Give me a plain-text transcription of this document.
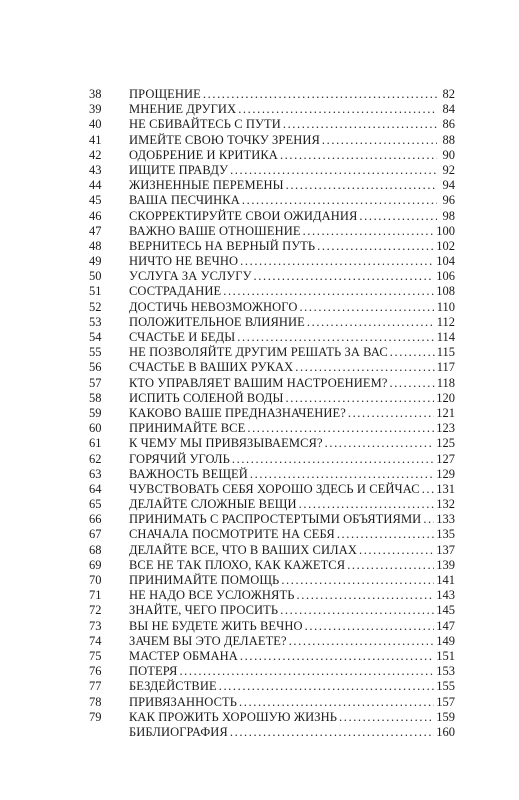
38	ПРОЩЕНИЕ .....	82
39	МНЕНИЕ ДРУГИХ .....	84
40	НЕ СБИВАЙТЕСЬ С ПУТИ .....	86
41	ИМЕЙТЕ СВОЮ ТОЧКУ ЗРЕНИЯ .....	88
42	ОДОБРЕНИЕ И КРИТИКА .....	90
43	ИЩИТЕ ПРАВДУ .....	92
44	ЖИЗНЕННЫЕ ПЕРЕМЕНЫ .....	94
45	ВАША ПЕСЧИНКА .....	96
46	СКОРРЕКТИРУЙТЕ СВОИ ОЖИДАНИЯ .....	98
47	ВАЖНО ВАШЕ ОТНОШЕНИЕ .....	100
48	ВЕРНИТЕСЬ НА ВЕРНЫЙ ПУТЬ .....	102
49	НИЧТО НЕ ВЕЧНО .....	104
50	УСЛУГА ЗА УСЛУГУ .....	106
51	СОСТРАДАНИЕ .....	108
52	ДОСТИЧЬ НЕВОЗМОЖНОГО .....	110
53	ПОЛОЖИТЕЛЬНОЕ ВЛИЯНИЕ .....	112
54	СЧАСТЬЕ И БЕДЫ .....	114
55	НЕ ПОЗВОЛЯЙТЕ ДРУГИМ РЕШАТЬ ЗА ВАС .....	115
56	СЧАСТЬЕ В ВАШИХ РУКАХ .....	117
57	КТО УПРАВЛЯЕТ ВАШИМ НАСТРОЕНИЕМ? .....	118
58	ИСПИТЬ СОЛЕНОЙ ВОДЫ .....	120
59	КАКОВО ВАШЕ ПРЕДНАЗНАЧЕНИЕ? .....	121
60	ПРИНИМАЙТЕ ВСЕ .....	123
61	К ЧЕМУ МЫ ПРИВЯЗЫВАЕМСЯ? .....	125
62	ГОРЯЧИЙ УГОЛЬ .....	127
63	ВАЖНОСТЬ ВЕЩЕЙ .....	129
64	ЧУВСТВОВАТЬ СЕБЯ ХОРОШО ЗДЕСЬ И СЕЙЧАС ..... 131
65	ДЕЛАЙТЕ СЛОЖНЫЕ ВЕЩИ .....	132
66	ПРИНИМАТЬ С РАСПРОСТЕРТЫМИ ОБЪЯТИЯМИ ..... 133
67	СНАЧАЛА ПОСМОТРИТЕ НА СЕБЯ .....	135
68	ДЕЛАЙТЕ ВСЕ, ЧТО В ВАШИХ СИЛАХ .....	137
69	ВСЕ НЕ ТАК ПЛОХО, КАК КАЖЕТСЯ .....	139
70	ПРИНИМАЙТЕ ПОМОЩЬ .....	141
71	НЕ НАДО ВСЕ УСЛОЖНЯТЬ .....	143
72	ЗНАЙТЕ, ЧЕГО ПРОСИТЬ .....	145
73	ВЫ НЕ БУДЕТЕ ЖИТЬ ВЕЧНО .....	147
74	ЗАЧЕМ ВЫ ЭТО ДЕЛАЕТЕ? .....	149
75	МАСТЕР ОБМАНА .....	151
76	ПОТЕРЯ .....	153
77	БЕЗДЕЙСТВИЕ .....	155
78	ПРИВЯЗАННОСТЬ .....	157
79	КАК ПРОЖИТЬ ХОРОШУЮ ЖИЗНЬ .....	159
БИБЛИОГРАФИЯ .....	160
